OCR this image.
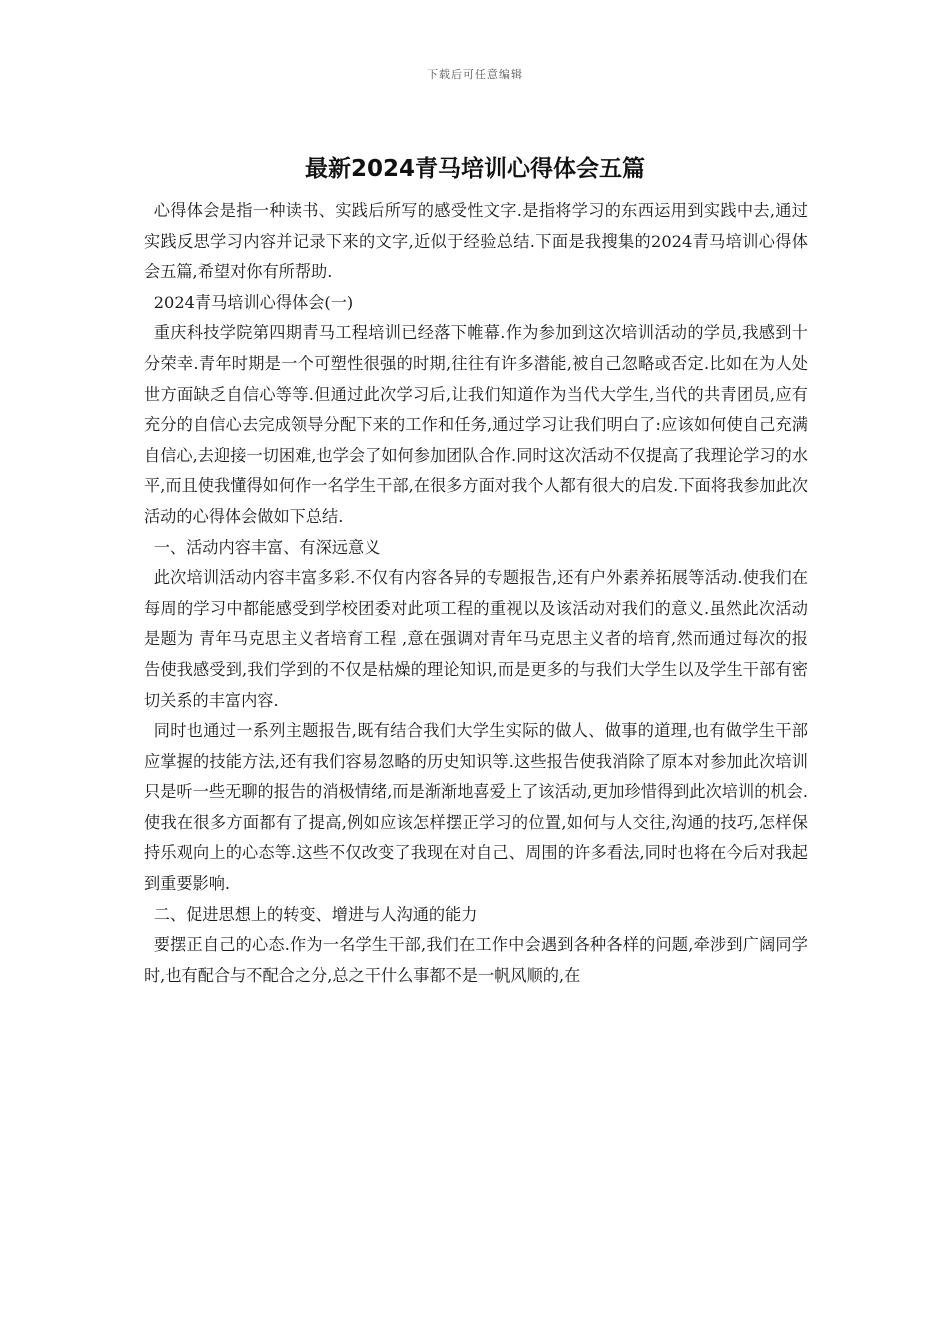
下载后可任意编辑
最新2024青马培训心得体会五篇

心得体会是指一种读书、实践后所写的感受性文字.是指将学习的东西运用到实践中去,通过实践反思学习内容并记录下来的文字,近似于经验总结.下面是我搜集的2024青马培训心得体会五篇,希望对你有所帮助.

2024青马培训心得体会(一)

重庆科技学院第四期青马工程培训已经落下帷幕.作为参加到这次培训活动的学员,我感到十分荣幸.青年时期是一个可塑性很强的时期,往往有许多潜能,被自己忽略或否定.比如在为人处世方面缺乏自信心等等.但通过此次学习后,让我们知道作为当代大学生,当代的共青团员,应有充分的自信心去完成领导分配下来的工作和任务,通过学习让我们明白了:应该如何使自己充满自信心,去迎接一切困难,也学会了如何参加团队合作.同时这次活动不仅提高了我理论学习的水平,而且使我懂得如何作一名学生干部,在很多方面对我个人都有很大的启发.下面将我参加此次活动的心得体会做如下总结.

一、活动内容丰富、有深远意义

此次培训活动内容丰富多彩.不仅有内容各异的专题报告,还有户外素养拓展等活动.使我们在每周的学习中都能感受到学校团委对此项工程的重视以及该活动对我们的意义.虽然此次活动是题为 青年马克思主义者培育工程 ,意在强调对青年马克思主义者的培育,然而通过每次的报告使我感受到,我们学到的不仅是枯燥的理论知识,而是更多的与我们大学生以及学生干部有密切关系的丰富内容.

同时也通过一系列主题报告,既有结合我们大学生实际的做人、做事的道理,也有做学生干部应掌握的技能方法,还有我们容易忽略的历史知识等.这些报告使我消除了原本对参加此次培训只是听一些无聊的报告的消极情绪,而是渐渐地喜爱上了该活动,更加珍惜得到此次培训的机会.使我在很多方面都有了提高,例如应该怎样摆正学习的位置,如何与人交往,沟通的技巧,怎样保持乐观向上的心态等.这些不仅改变了我现在对自己、周围的许多看法,同时也将在今后对我起到重要影响.

二、促进思想上的转变、增进与人沟通的能力

要摆正自己的心态.作为一名学生干部,我们在工作中会遇到各种各样的问题,牵涉到广阔同学时,也有配合与不配合之分,总之干什么事都不是一帆风顺的,在
